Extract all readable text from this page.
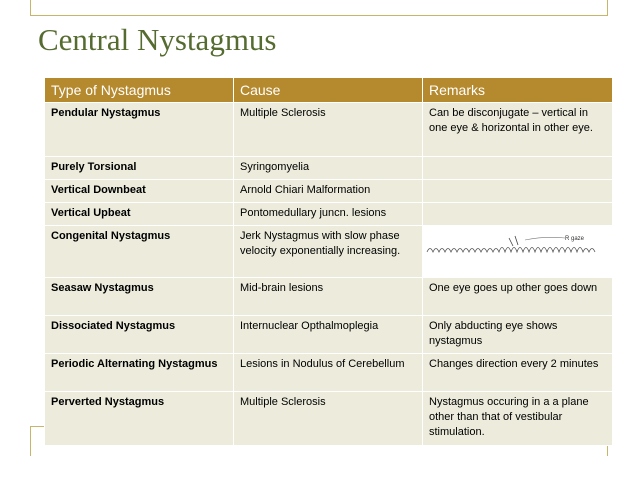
Central Nystagmus
Type of Nystagmus	Cause	Remarks
Pendular Nystagmus	Multiple Sclerosis	Can be disconjugate – vertical in one eye & horizontal in other eye.
Purely Torsional	Syringomyelia	
Vertical Downbeat	Arnold Chiari Malformation	
Vertical Upbeat	Pontomedullary juncn. lesions	
Congenital Nystagmus	Jerk Nystagmus with slow phase velocity exponentially increasing.	R gaze

Seasaw Nystagmus	Mid-brain lesions	One eye goes up other goes down
Dissociated Nystagmus	Internuclear Opthalmoplegia	Only abducting eye shows nystagmus
Periodic Alternating Nystagmus	Lesions in Nodulus of Cerebellum	Changes direction every 2 minutes
Perverted Nystagmus	Multiple Sclerosis	Nystagmus occuring in a a plane other than that of vestibular stimulation.
